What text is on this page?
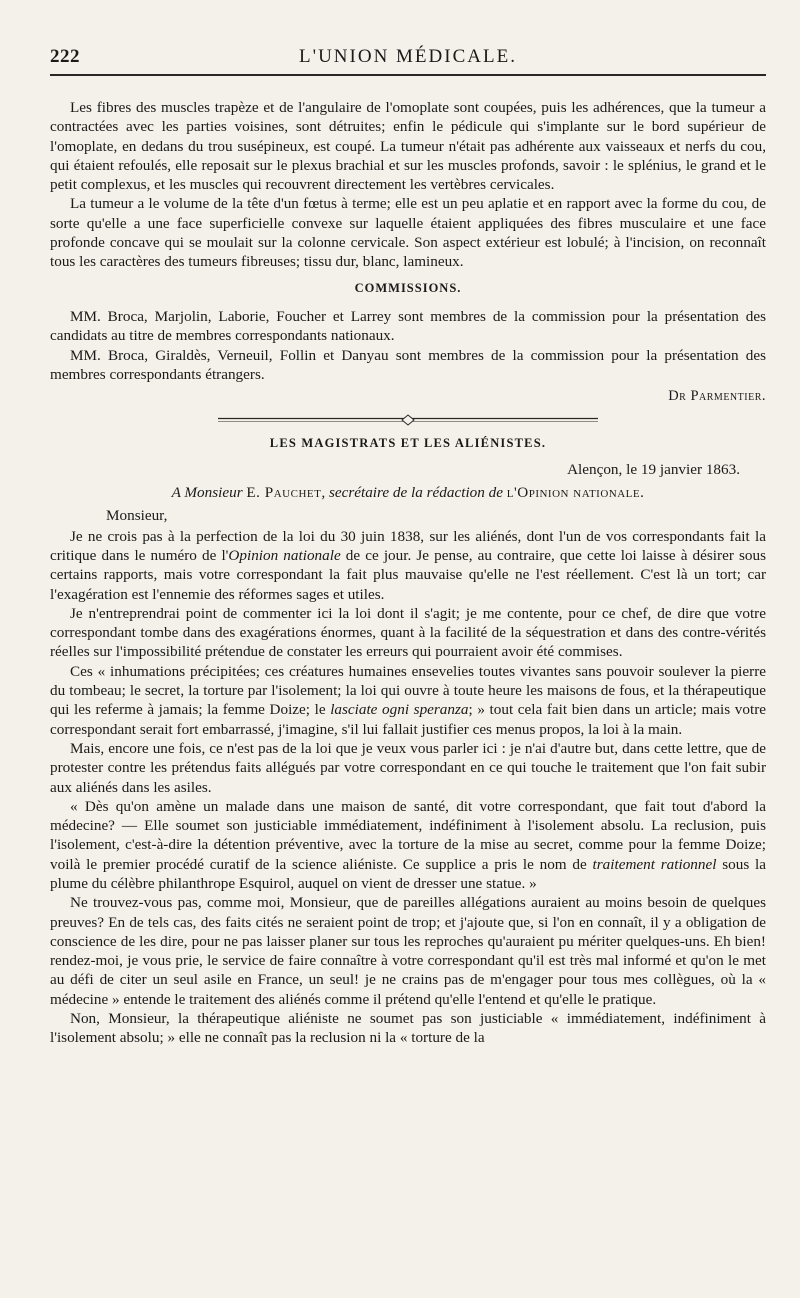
222	L'UNION MÉDICALE.

Les fibres des muscles trapèze et de l'angulaire de l'omoplate sont coupées, puis les adhérences, que la tumeur a contractées avec les parties voisines, sont détruites; enfin le pédicule qui s'implante sur le bord supérieur de l'omoplate, en dedans du trou susépineux, est coupé. La tumeur n'était pas adhérente aux vaisseaux et nerfs du cou, qui étaient refoulés, elle reposait sur le plexus brachial et sur les muscles profonds, savoir : le splénius, le grand et le petit complexus, et les muscles qui recouvrent directement les vertèbres cervicales.

La tumeur a le volume de la tête d'un fœtus à terme; elle est un peu aplatie et en rapport avec la forme du cou, de sorte qu'elle a une face superficielle convexe sur laquelle étaient appliquées des fibres musculaire et une face profonde concave qui se moulait sur la colonne cervicale. Son aspect extérieur est lobulé; à l'incision, on reconnaît tous les caractères des tumeurs fibreuses; tissu dur, blanc, lamineux.

COMMISSIONS.

MM. Broca, Marjolin, Laborie, Foucher et Larrey sont membres de la commission pour la présentation des candidats au titre de membres correspondants nationaux.

MM. Broca, Giraldès, Verneuil, Follin et Danyau sont membres de la commission pour la présentation des membres correspondants étrangers.

Dr Parmentier.
LES MAGISTRATS ET LES ALIÉNISTES.
Alençon, le 19 janvier 1863.
A Monsieur E. Pauchet, secrétaire de la rédaction de l'Opinion nationale.

Monsieur,

Je ne crois pas à la perfection de la loi du 30 juin 1838, sur les aliénés, dont l'un de vos correspondants fait la critique dans le numéro de l'Opinion nationale de ce jour. Je pense, au contraire, que cette loi laisse à désirer sous certains rapports, mais votre correspondant la fait plus mauvaise qu'elle ne l'est réellement. C'est là un tort; car l'exagération est l'ennemie des réformes sages et utiles.

Je n'entreprendrai point de commenter ici la loi dont il s'agit; je me contente, pour ce chef, de dire que votre correspondant tombe dans des exagérations énormes, quant à la facilité de la séquestration et dans des contre-vérités réelles sur l'impossibilité prétendue de constater les erreurs qui pourraient avoir été commises.

Ces « inhumations précipitées; ces créatures humaines ensevelies toutes vivantes sans pouvoir soulever la pierre du tombeau; le secret, la torture par l'isolement; la loi qui ouvre à toute heure les maisons de fous, et la thérapeutique qui les referme à jamais; la femme Doize; le lasciate ogni speranza; » tout cela fait bien dans un article; mais votre correspondant serait fort embarrassé, j'imagine, s'il lui fallait justifier ces menus propos, la loi à la main.

Mais, encore une fois, ce n'est pas de la loi que je veux vous parler ici : je n'ai d'autre but, dans cette lettre, que de protester contre les prétendus faits allégués par votre correspondant en ce qui touche le traitement que l'on fait subir aux aliénés dans les asiles.

« Dès qu'on amène un malade dans une maison de santé, dit votre correspondant, que fait tout d'abord la médecine? — Elle soumet son justiciable immédiatement, indéfiniment à l'isolement absolu. La reclusion, puis l'isolement, c'est-à-dire la détention préventive, avec la torture de la mise au secret, comme pour la femme Doize; voilà le premier procédé curatif de la science aliéniste. Ce supplice a pris le nom de traitement rationnel sous la plume du célèbre philanthrope Esquirol, auquel on vient de dresser une statue. »

Ne trouvez-vous pas, comme moi, Monsieur, que de pareilles allégations auraient au moins besoin de quelques preuves? En de tels cas, des faits cités ne seraient point de trop; et j'ajoute que, si l'on en connaît, il y a obligation de conscience de les dire, pour ne pas laisser planer sur tous les reproches qu'auraient pu mériter quelques-uns. Eh bien! rendez-moi, je vous prie, le service de faire connaître à votre correspondant qu'il est très mal informé et qu'on le met au défi de citer un seul asile en France, un seul! je ne crains pas de m'engager pour tous mes collègues, où la « médecine » entende le traitement des aliénés comme il prétend qu'elle l'entend et qu'elle le pratique.

Non, Monsieur, la thérapeutique aliéniste ne soumet pas son justiciable « immédiatement, indéfiniment à l'isolement absolu; » elle ne connaît pas la reclusion ni la « torture de la
